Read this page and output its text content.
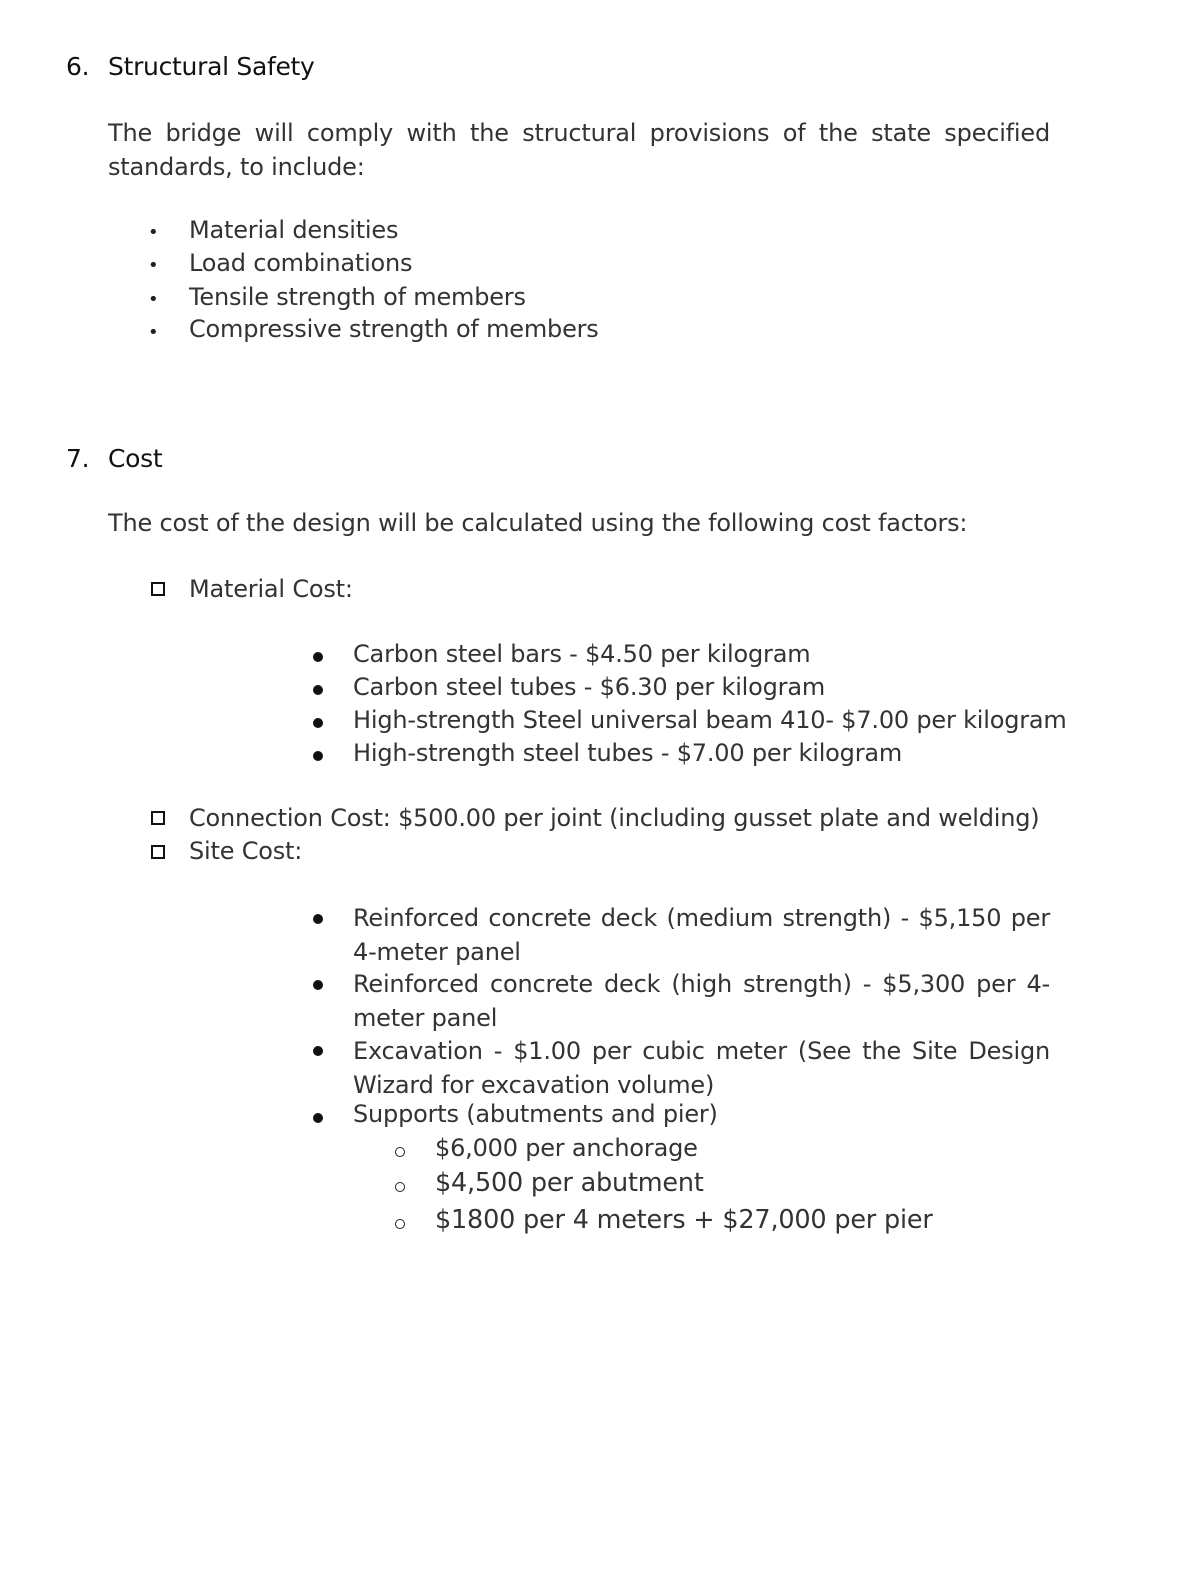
6. Structural Safety
The bridge will comply with the structural provisions of the state specified standards, to include:
• Material densities
• Load combinations
• Tensile strength of members
• Compressive strength of members
7. Cost
The cost of the design will be calculated using the following cost factors:
Material Cost:
Carbon steel bars - $4.50 per kilogram
Carbon steel tubes - $6.30 per kilogram
High-strength Steel universal beam 410- $7.00 per kilogram
High-strength steel tubes - $7.00 per kilogram
Connection Cost: $500.00 per joint (including gusset plate and welding)
Site Cost:
Reinforced concrete deck (medium strength) - $5,150 per 4-meter panel
Reinforced concrete deck (high strength) - $5,300 per 4-meter panel
Excavation - $1.00 per cubic meter (See the Site Design Wizard for excavation volume)
Supports (abutments and pier)
$6,000 per anchorage
$4,500 per abutment
$1800 per 4 meters + $27,000 per pier
